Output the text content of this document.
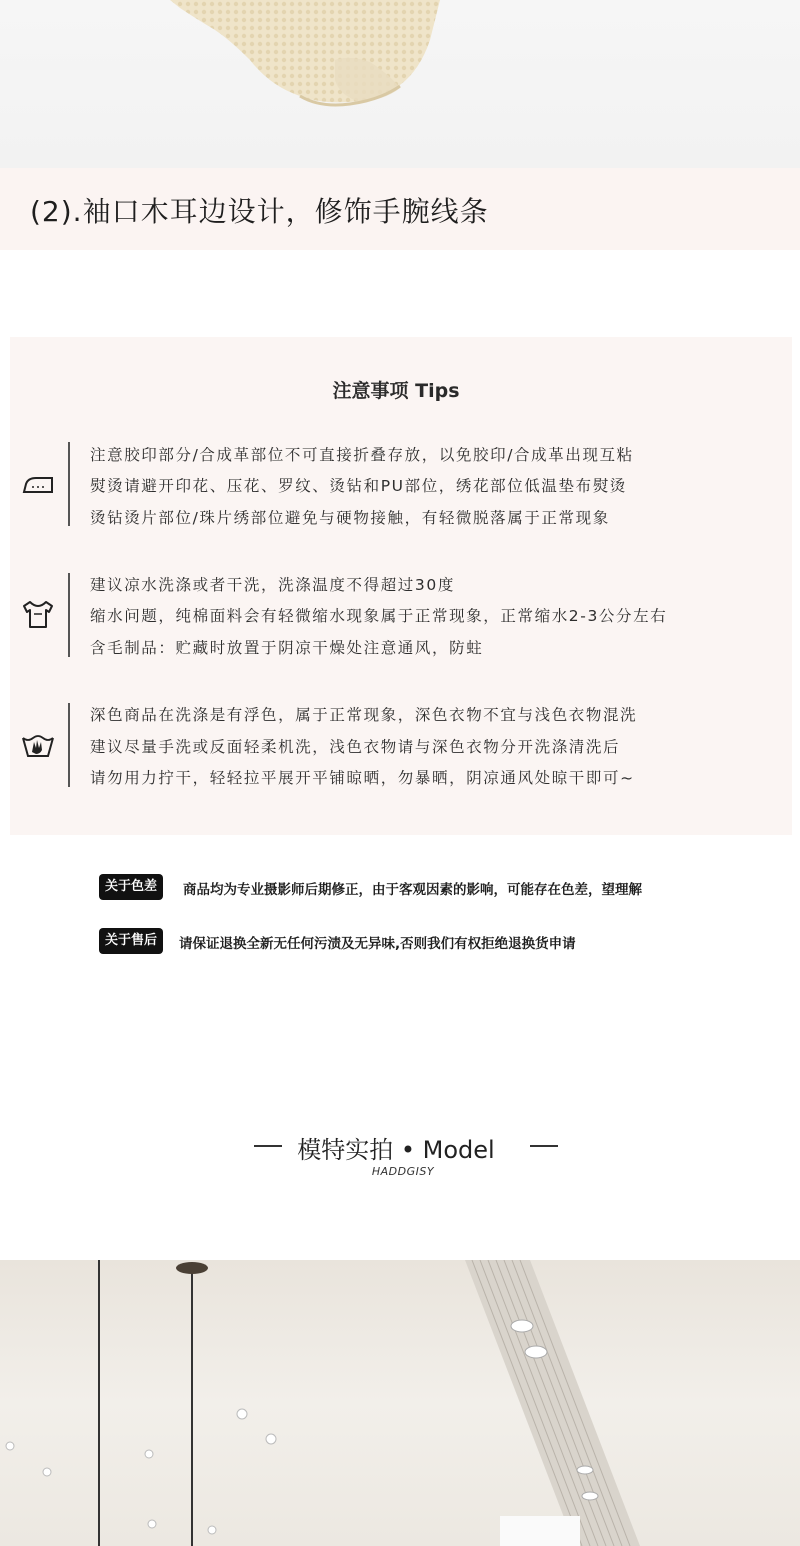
(2).袖口木耳边设计，修饰手腕线条
注意事项 Tips
注意胶印部分/合成革部位不可直接折叠存放，以免胶印/合成革出现互粘
熨烫请避开印花、压花、罗纹、烫钻和PU部位，绣花部位低温垫布熨烫
烫钻烫片部位/珠片绣部位避免与硬物接触，有轻微脱落属于正常现象
建议凉水洗涤或者干洗，洗涤温度不得超过30度
缩水问题，纯棉面料会有轻微缩水现象属于正常现象，正常缩水2-3公分左右
含毛制品：贮藏时放置于阴凉干燥处注意通风，防蛀
深色商品在洗涤是有浮色，属于正常现象，深色衣物不宜与浅色衣物混洗
建议尽量手洗或反面轻柔机洗，浅色衣物请与深色衣物分开洗涤清洗后
请勿用力拧干，轻轻拉平展开平铺晾晒，勿暴晒，阴凉通风处晾干即可~
关于色差	商品均为专业摄影师后期修正，由于客观因素的影响，可能存在色差，望理解
关于售后	请保证退换全新无任何污渍及无异味,否则我们有权拒绝退换货申请
模特实拍 • Model
HADDGISY
